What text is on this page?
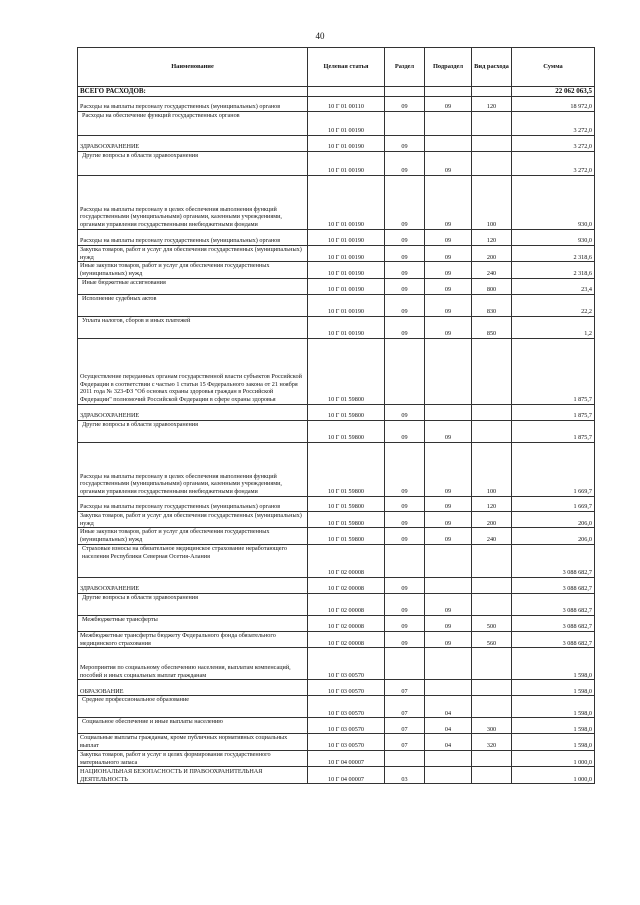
40
Наименование	Целевая статья	Раздел	Подраздел	Вид расхода	Сумма
ВСЕГО РАСХОДОВ:					22 062 063,5
Расходы на выплаты персоналу государственных (муниципальных) органов	10 Г 01 00110	09	09	120	18 972,0
Расходы на обеспечение функций государственных органов	10 Г 01 00190				3 272,0
ЗДРАВООХРАНЕНИЕ	10 Г 01 00190	09			3 272,0
Другие вопросы в области здравоохранения	10 Г 01 00190	09	09		3 272,0
Расходы на выплаты персоналу в целях обеспечения выполнения функций государственными (муниципальными) органами, казенными учреждениями, органами управления государственными внебюджетными фондами	10 Г 01 00190	09	09	100	930,0
Расходы на выплаты персоналу государственных (муниципальных) органов	10 Г 01 00190	09	09	120	930,0
Закупка товаров, работ и услуг для обеспечения государственных (муниципальных) нужд	10 Г 01 00190	09	09	200	2 318,6
Иные закупки товаров, работ и услуг для обеспечения государственных (муниципальных) нужд	10 Г 01 00190	09	09	240	2 318,6
Иные бюджетные ассигнования	10 Г 01 00190	09	09	800	23,4
Исполнение судебных актов	10 Г 01 00190	09	09	830	22,2
Уплата налогов, сборов и иных платежей	10 Г 01 00190	09	09	850	1,2
Осуществление переданных органам государственной власти субъектов Российской Федерации в соответствии с частью 1 статьи 15 Федерального закона от 21 ноября 2011 года № 323-ФЗ "Об основах охраны здоровья граждан в Российской Федерации" полномочий Российской Федерации в сфере охраны здоровья	10 Г 01 59800				1 875,7
ЗДРАВООХРАНЕНИЕ	10 Г 01 59800	09			1 875,7
Другие вопросы в области здравоохранения	10 Г 01 59800	09	09		1 875,7
Расходы на выплаты персоналу в целях обеспечения выполнения функций государственными (муниципальными) органами, казенными учреждениями, органами управления государственными внебюджетными фондами	10 Г 01 59800	09	09	100	1 669,7
Расходы на выплаты персоналу государственных (муниципальных) органов	10 Г 01 59800	09	09	120	1 669,7
Закупка товаров, работ и услуг для обеспечения государственных (муниципальных) нужд	10 Г 01 59800	09	09	200	206,0
Иные закупки товаров, работ и услуг для обеспечения государственных (муниципальных) нужд	10 Г 01 59800	09	09	240	206,0
Страховые взносы на обязательное медицинское страхование неработающего населения Республики Северная Осетия-Алания	10 Г 02 00008				3 088 682,7
ЗДРАВООХРАНЕНИЕ	10 Г 02 00008	09			3 088 682,7
Другие вопросы в области здравоохранения	10 Г 02 00008	09	09		3 088 682,7
Межбюджетные трансферты	10 Г 02 00008	09	09	500	3 088 682,7
Межбюджетные трансферты бюджету Федерального фонда обязательного медицинского страхования	10 Г 02 00008	09	09	560	3 088 682,7
Мероприятия по социальному обеспечению населения, выплатам компенсаций, пособий и иных социальных выплат гражданам	10 Г 03 00570				1 598,0
ОБРАЗОВАНИЕ	10 Г 03 00570	07			1 598,0
Среднее профессиональное образование	10 Г 03 00570	07	04		1 598,0
Социальное обеспечение и иные выплаты населению	10 Г 03 00570	07	04	300	1 598,0
Социальные выплаты гражданам, кроме публичных нормативных социальных выплат	10 Г 03 00570	07	04	320	1 598,0
Закупка товаров, работ и услуг в целях формирования государственного материального запаса	10 Г 04 00007				1 000,0
НАЦИОНАЛЬНАЯ БЕЗОПАСНОСТЬ И ПРАВООХРАНИТЕЛЬНАЯ ДЕЯТЕЛЬНОСТЬ	10 Г 04 00007	03			1 000,0
